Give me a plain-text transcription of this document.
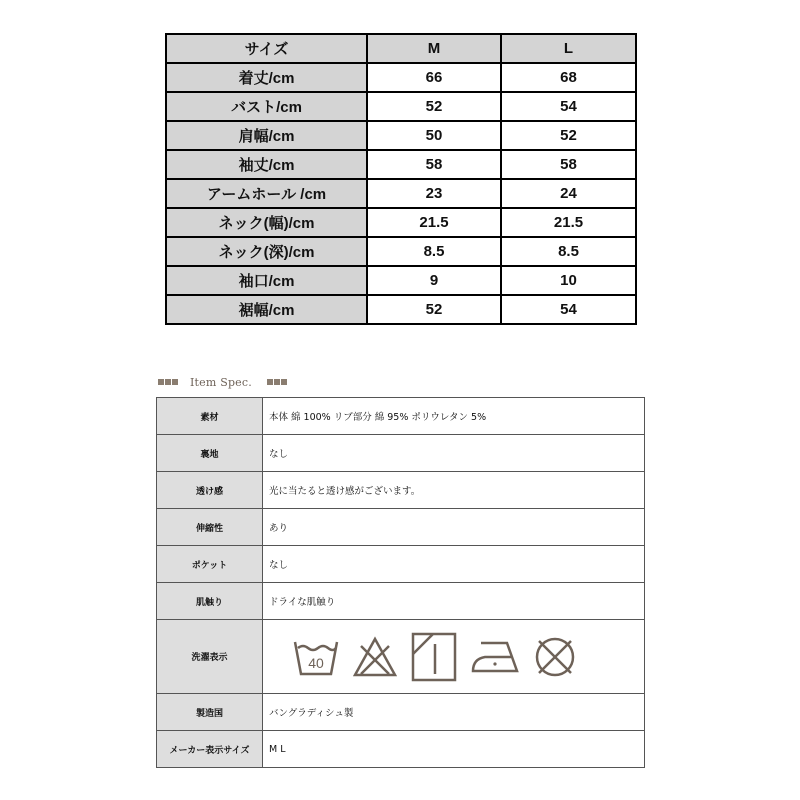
サイズ	M	L
着丈/cm	66	68
バスト/cm	52	54
肩幅/cm	50	52
袖丈/cm	58	58
アームホール /cm	23	24
ネック(幅)/cm	21.5	21.5
ネック(深)/cm	8.5	8.5
袖口/cm	9	10
裾幅/cm	52	54
Item Spec.
素材	本体 綿 100% リブ部分 綿 95% ポリウレタン 5%
裏地	なし
透け感	光に当たると透け感がございます。
伸縮性	あり
ポケット	なし
肌触り	ドライな肌触り
洗濯表示	40

製造国	バングラディシュ製
メーカー表示サイズ	M L
